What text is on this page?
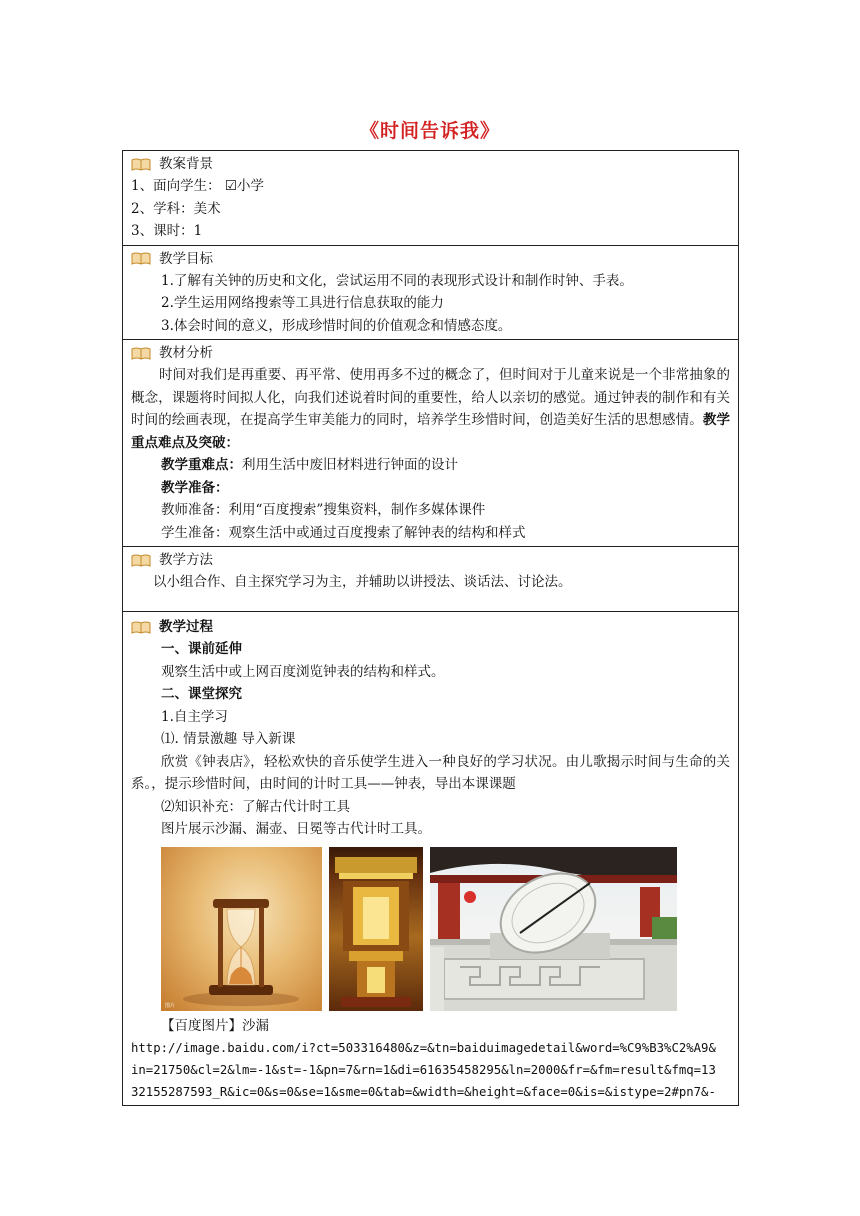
《时间告诉我》
教案背景
1、面向学生： ☑小学
2、学科：美术
3、课时：1

教学目标
1.了解有关钟的历史和文化，尝试运用不同的表现形式设计和制作时钟、手表。
2.学生运用网络搜索等工具进行信息获取的能力
3.体会时间的意义，形成珍惜时间的价值观念和情感态度。

教材分析
时间对我们是再重要、再平常、使用再多不过的概念了，但时间对于儿童来说是一个非常抽象的概念，课题将时间拟人化，向我们述说着时间的重要性，给人以亲切的感觉。通过钟表的制作和有关时间的绘画表现，在提高学生审美能力的同时，培养学生珍惜时间，创造美好生活的思想感情。教学重点难点及突破：
教学重难点：利用生活中废旧材料进行钟面的设计
教学准备：
教师准备：利用“百度搜索”搜集资料，制作多媒体课件
学生准备：观察生活中或通过百度搜索了解钟表的结构和样式

教学方法
以小组合作、自主探究学习为主，并辅助以讲授法、谈话法、讨论法。

教学过程
一、课前延伸
观察生活中或上网百度浏览钟表的结构和样式。
二、课堂探究
1.自主学习
⑴. 情景激趣 导入新课
欣赏《钟表店》，轻松欢快的音乐使学生进入一种良好的学习状况。由儿歌揭示时间与生命的关系。，提示珍惜时间，由时间的计时工具——钟表，导出本课课题
⑵知识补充：了解古代计时工具
图片展示沙漏、漏壶、日冕等古代计时工具。
图片
【百度图片】沙漏
http://image.baidu.com/i?ct=503316480&z=&tn=baiduimagedetail&word=%C9%B3%C2%A9&
in=21750&cl=2&lm=-1&st=-1&pn=7&rn=1&di=61635458295&ln=2000&fr=&fm=result&fmq=13
32155287593_R&ic=0&s=0&se=1&sme=0&tab=&width=&height=&face=0&is=&istype=2#pn7&-
